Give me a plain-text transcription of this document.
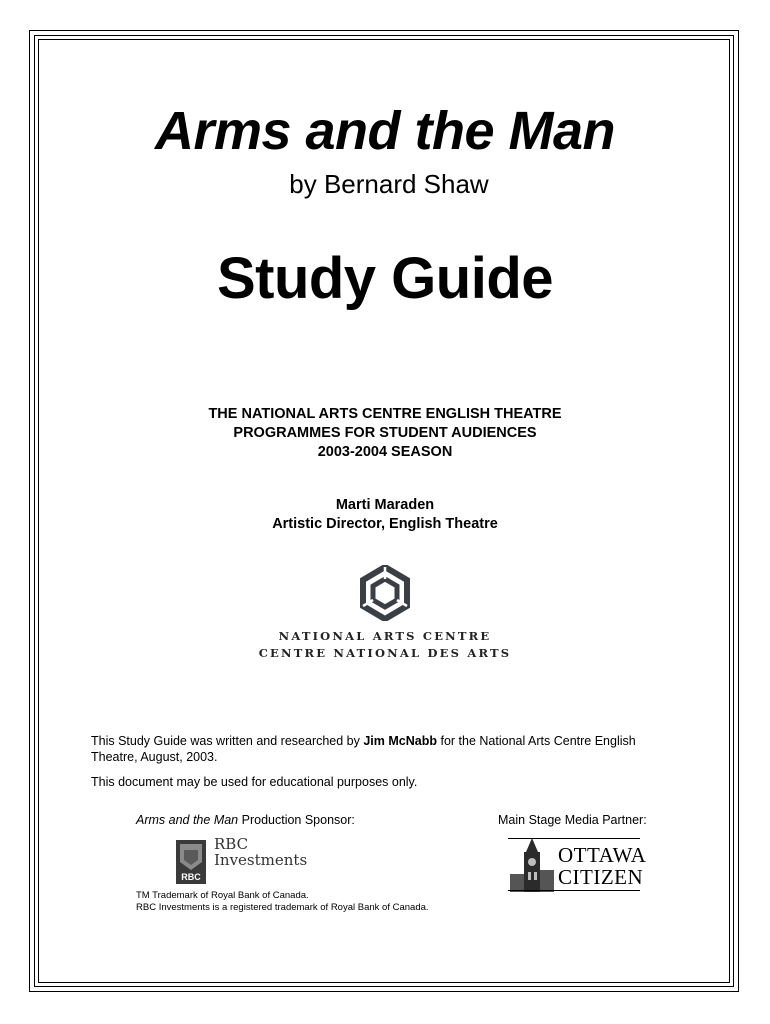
Arms and the Man
by Bernard Shaw
Study Guide
THE NATIONAL ARTS CENTRE ENGLISH THEATRE
PROGRAMMES FOR STUDENT AUDIENCES
2003-2004 SEASON
Marti Maraden
Artistic Director, English Theatre
NATIONAL ARTS CENTRE
CENTRE NATIONAL DES ARTS
This Study Guide was written and researched by Jim McNabb for the National Arts Centre English Theatre, August, 2003.
This document may be used for educational purposes only.
Arms and the Man Production Sponsor:	Main Stage Media Partner:
RBC
RBC
Investments
TM Trademark of Royal Bank of Canada.
RBC Investments is a registered trademark of Royal Bank of Canada.
OTTAWA
CITIZEN
